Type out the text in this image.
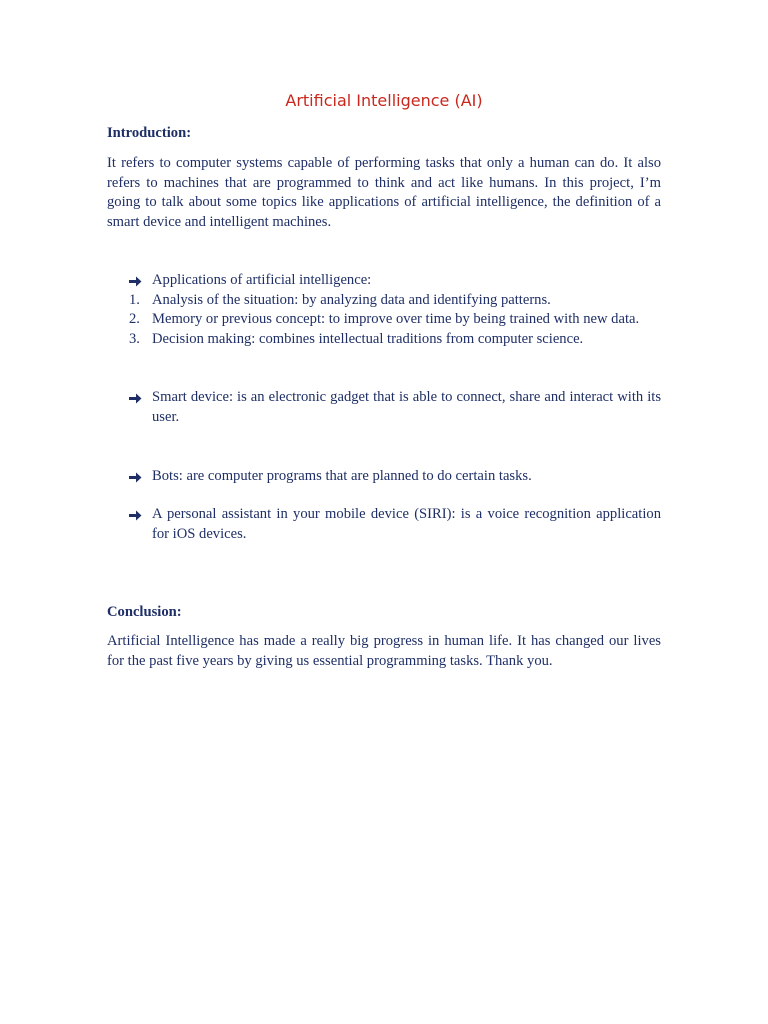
Artificial Intelligence (AI)
Introduction:
It refers to computer systems capable of performing tasks that only a human can do. It also refers to machines that are programmed to think and act like humans. In this project, I’m going to talk about some topics like applications of artificial intelligence, the definition of a smart device and intelligent machines.
Applications of artificial intelligence:
1. Analysis of the situation: by analyzing data and identifying patterns.
2. Memory or previous concept: to improve over time by being trained with new data.
3. Decision making: combines intellectual traditions from computer science.
Smart device: is an electronic gadget that is able to connect, share and interact with its user.
Bots: are computer programs that are planned to do certain tasks.
A personal assistant in your mobile device (SIRI): is a voice recognition application for iOS devices.
Conclusion:
Artificial Intelligence has made a really big progress in human life. It has changed our lives for the past five years by giving us essential programming tasks. Thank you.
